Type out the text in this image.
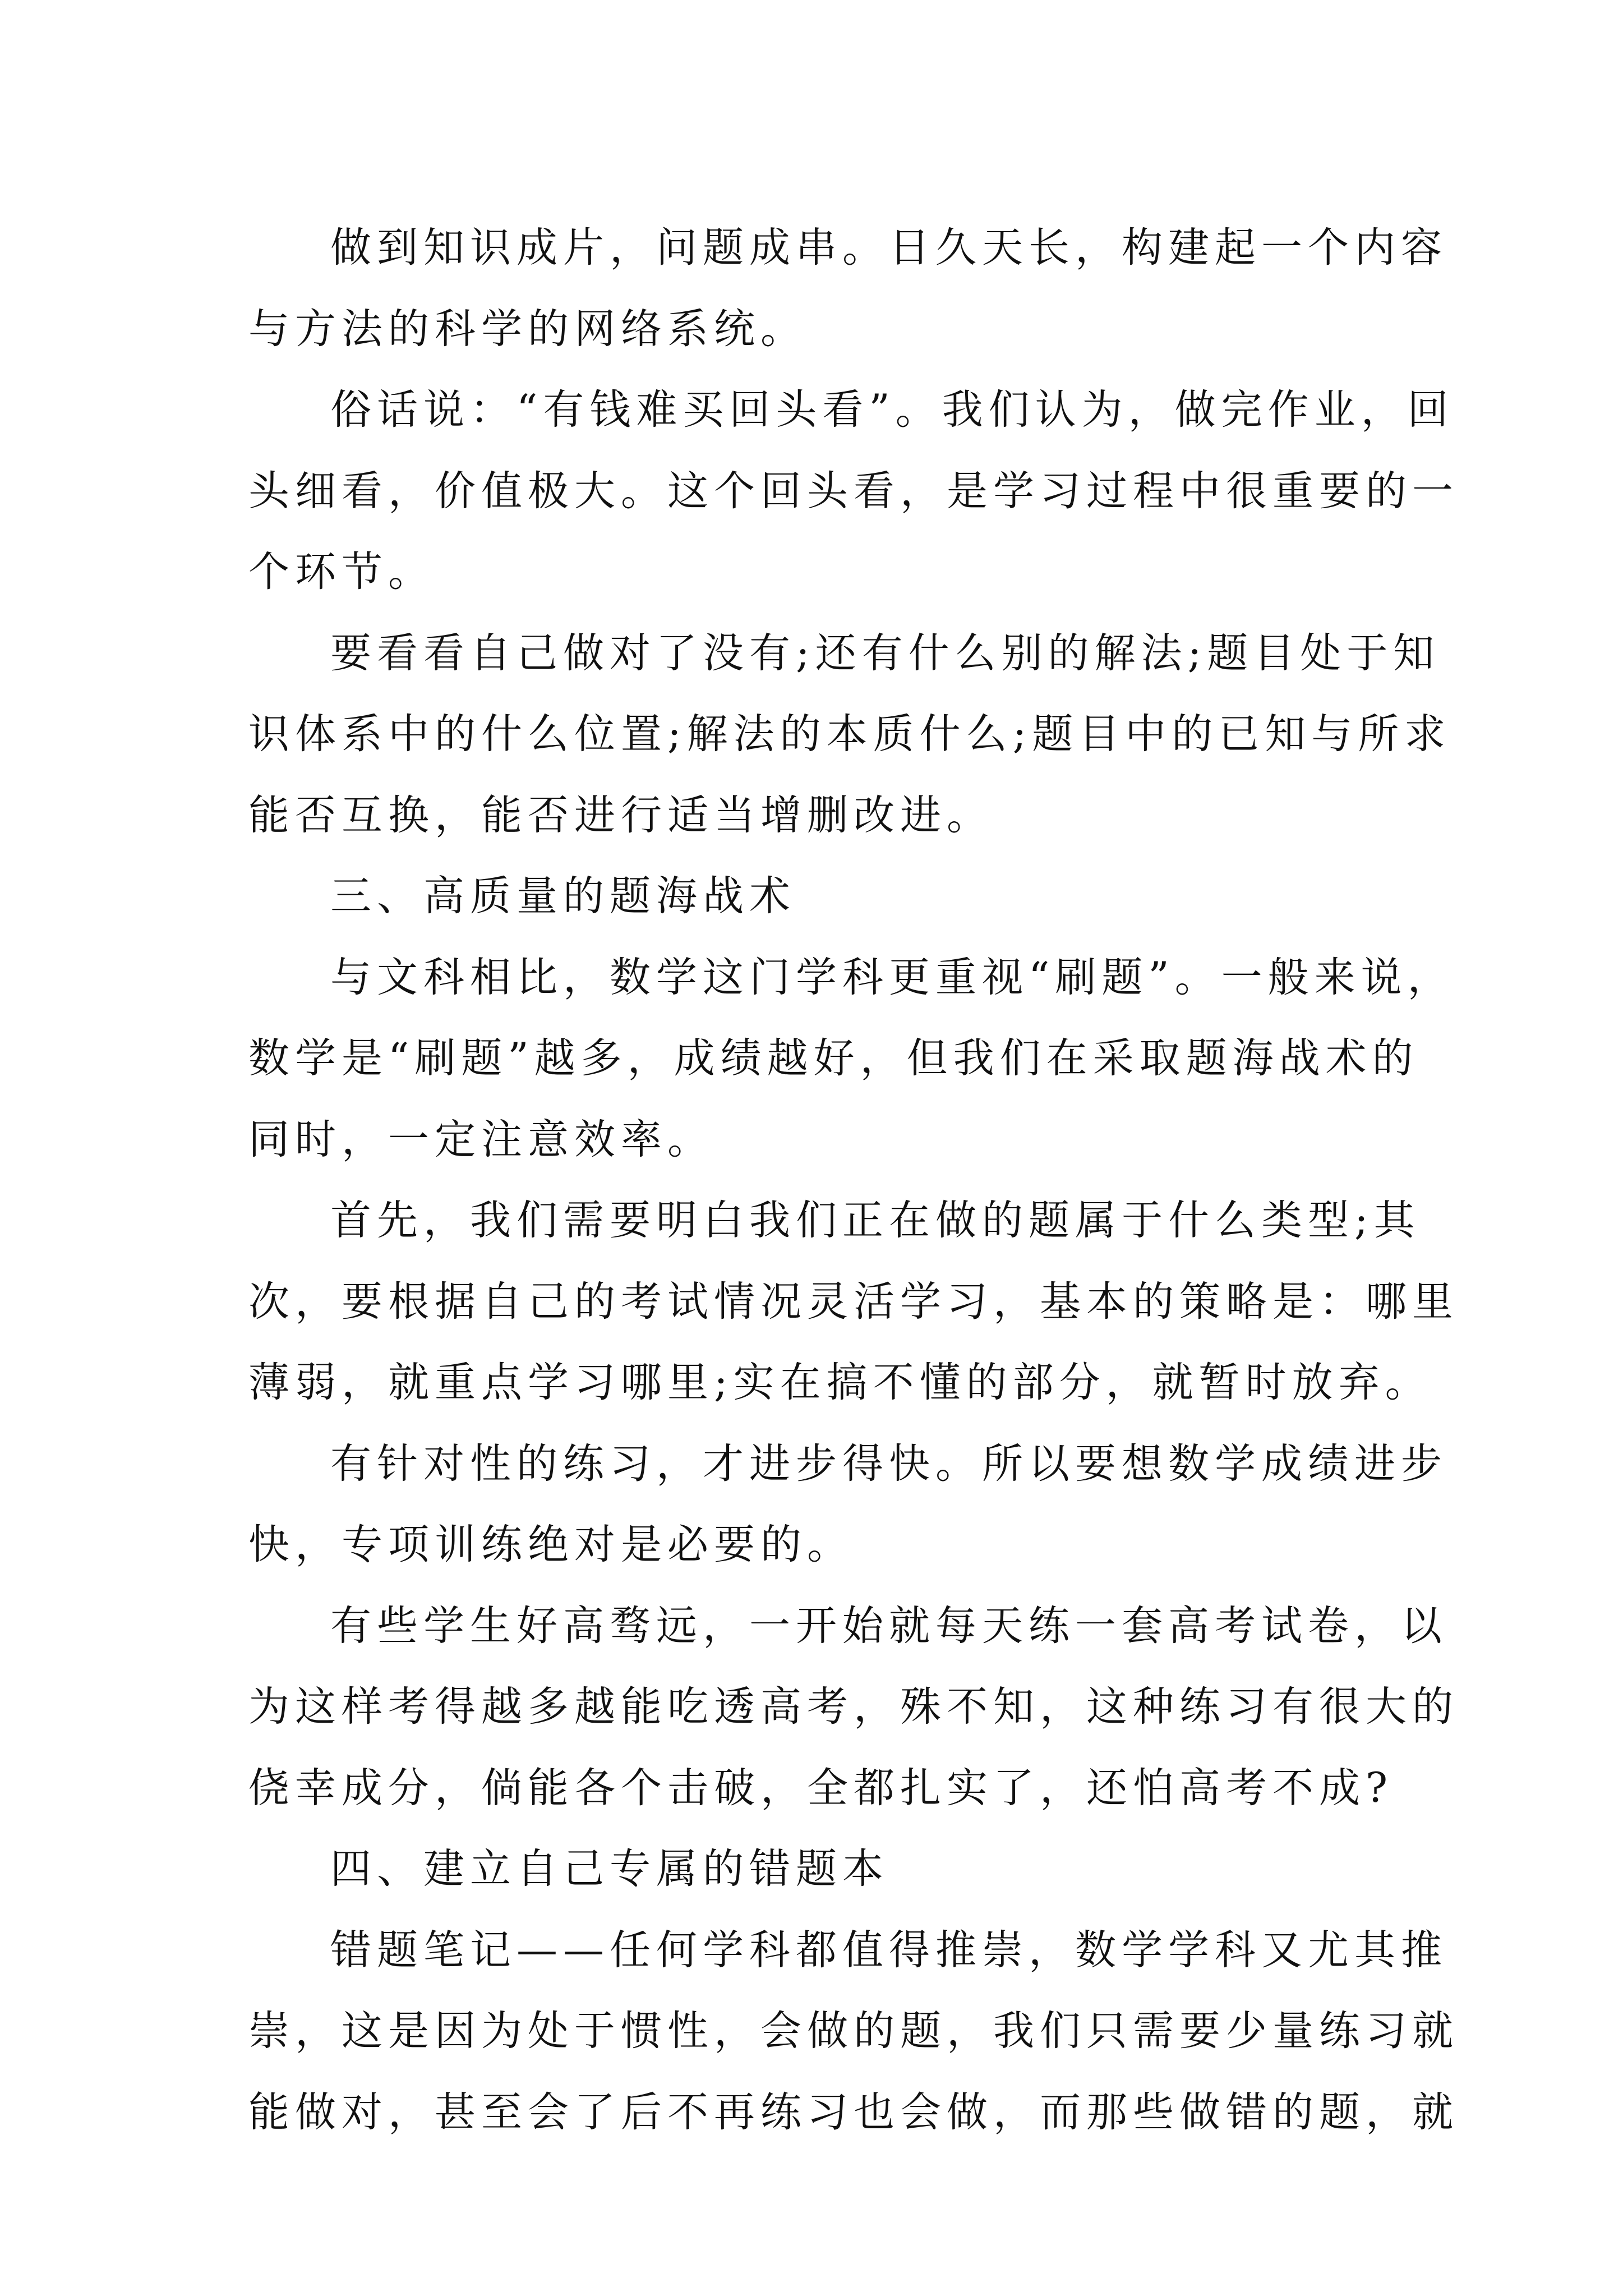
做到知识成片，问题成串。日久天长，构建起一个内容
与方法的科学的网络系统。
俗话说：“有钱难买回头看”。我们认为，做完作业，回
头细看，价值极大。这个回头看，是学习过程中很重要的一
个环节。
要看看自己做对了没有;还有什么别的解法;题目处于知
识体系中的什么位置;解法的本质什么;题目中的已知与所求
能否互换，能否进行适当增删改进。
三、高质量的题海战术
与文科相比，数学这门学科更重视“刷题”。一般来说，
数学是“刷题”越多，成绩越好，但我们在采取题海战术的
同时，一定注意效率。
首先，我们需要明白我们正在做的题属于什么类型;其
次，要根据自己的考试情况灵活学习，基本的策略是：哪里
薄弱，就重点学习哪里;实在搞不懂的部分，就暂时放弃。
有针对性的练习，才进步得快。所以要想数学成绩进步
快，专项训练绝对是必要的。
有些学生好高骛远，一开始就每天练一套高考试卷，以
为这样考得越多越能吃透高考，殊不知，这种练习有很大的
侥幸成分，倘能各个击破，全都扎实了，还怕高考不成?
四、建立自己专属的错题本
错题笔记——任何学科都值得推崇，数学学科又尤其推
崇，这是因为处于惯性，会做的题，我们只需要少量练习就
能做对，甚至会了后不再练习也会做，而那些做错的题，就
